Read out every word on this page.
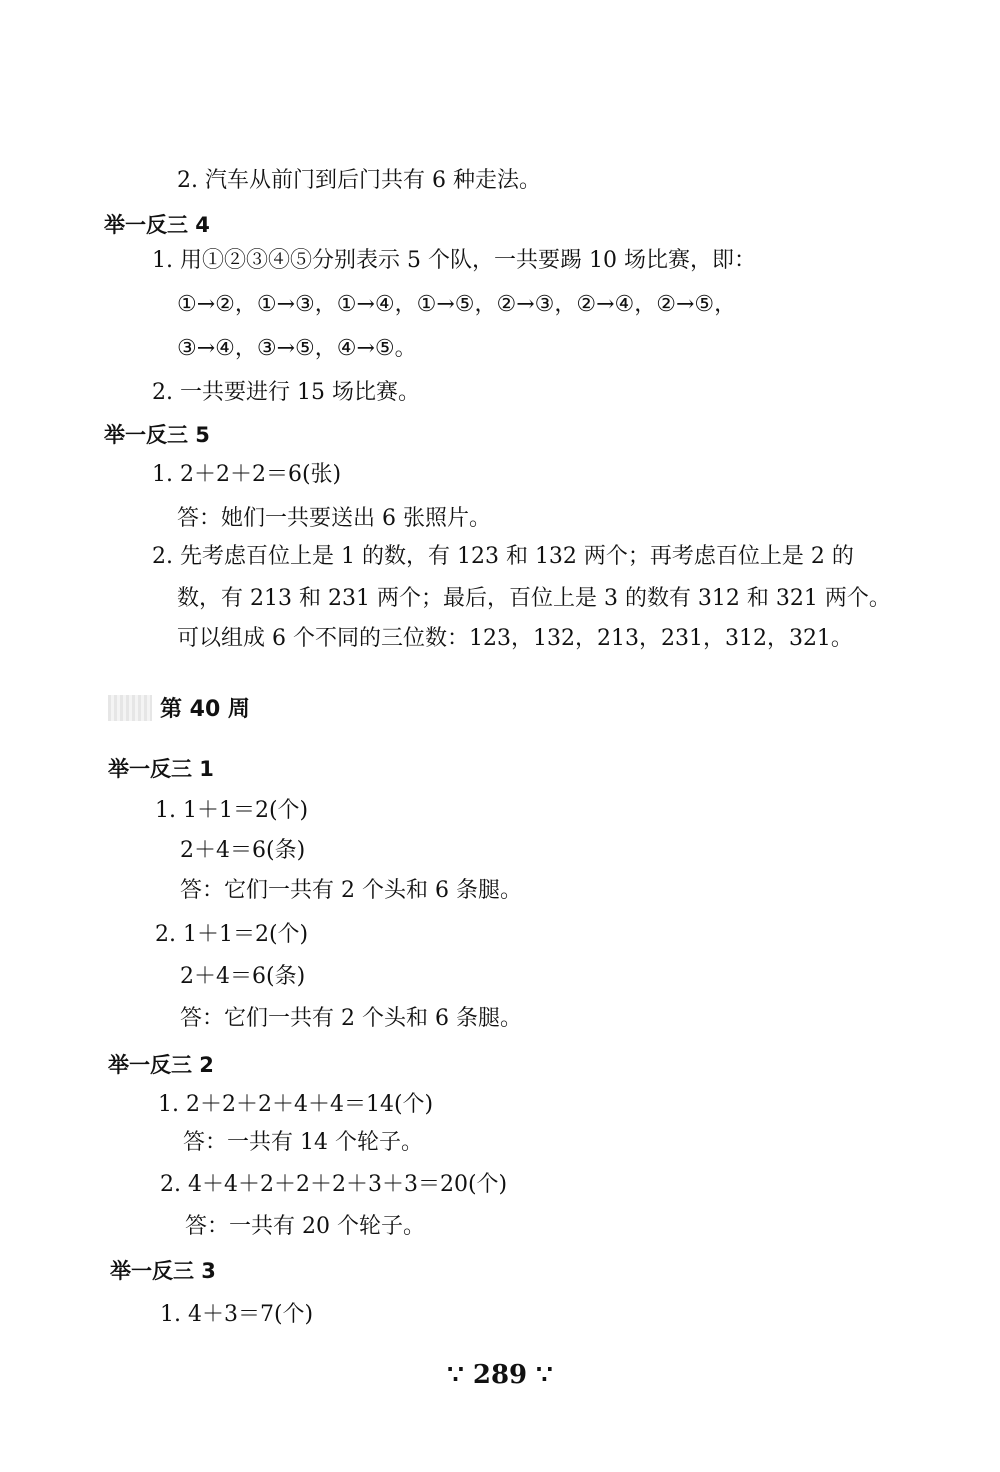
2. 汽车从前门到后门共有 6 种走法。
举一反三 4
1. 用①②③④⑤分别表示 5 个队，一共要踢 10 场比赛，即：
①→②，①→③，①→④，①→⑤，②→③，②→④，②→⑤，
③→④，③→⑤，④→⑤。
2. 一共要进行 15 场比赛。
举一反三 5
1. 2＋2＋2＝6(张)
答：她们一共要送出 6 张照片。
2. 先考虑百位上是 1 的数，有 123 和 132 两个；再考虑百位上是 2 的
数，有 213 和 231 两个；最后，百位上是 3 的数有 312 和 321 两个。
可以组成 6 个不同的三位数：123，132，213，231，312，321。
举一反三 1
1. 1＋1＝2(个)
2＋4＝6(条)
答：它们一共有 2 个头和 6 条腿。
2. 1＋1＝2(个)
2＋4＝6(条)
答：它们一共有 2 个头和 6 条腿。
举一反三 2
1. 2＋2＋2＋4＋4＝14(个)
答：一共有 14 个轮子。
2. 4＋4＋2＋2＋2＋3＋3＝20(个)
答：一共有 20 个轮子。
举一反三 3
1. 4＋3＝7(个)
第 40 周
∵ 289 ∵
